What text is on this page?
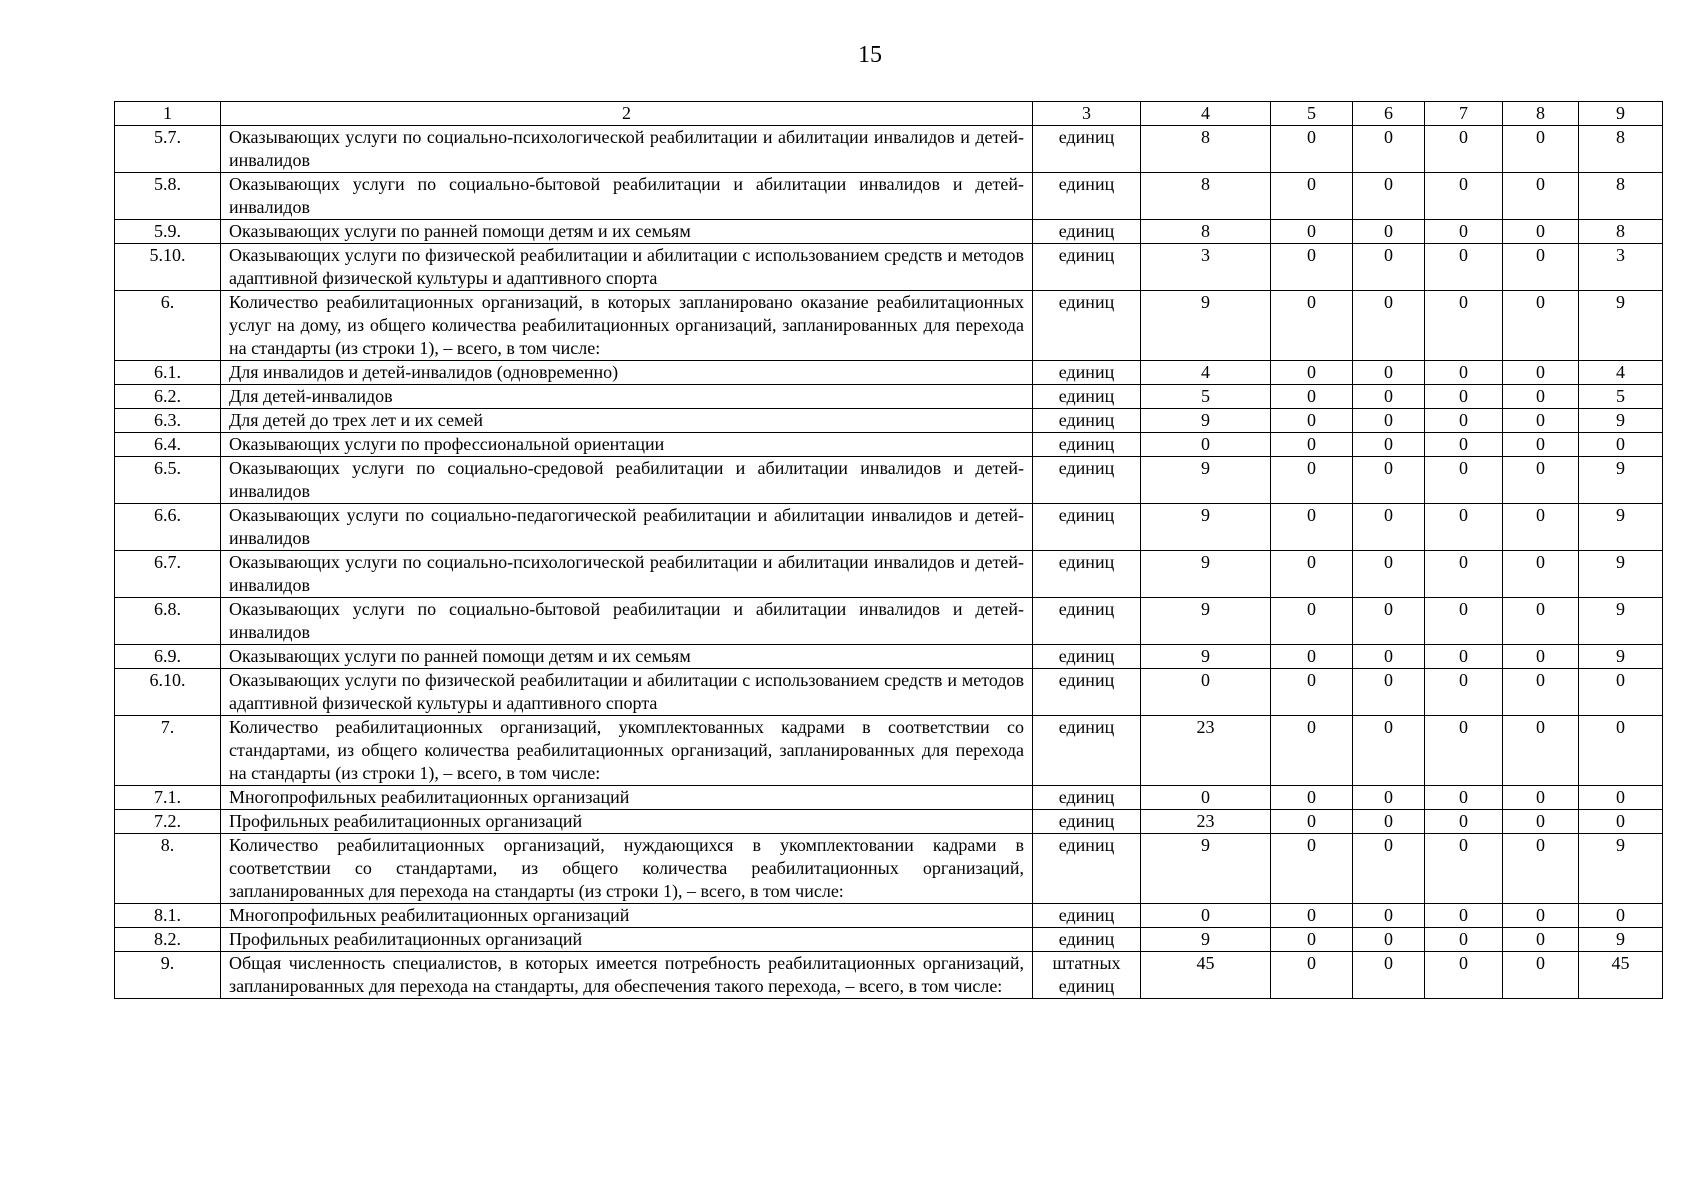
15
1	2	3	4	5	6	7	8	9
5.7.	Оказывающих услуги по социально-психологической реабилитации и абилитации инвалидов и детей-инвалидов	единиц	8	0	0	0	0	8
5.8.	Оказывающих услуги по социально-бытовой реабилитации и абилитации инвалидов и детей-инвалидов	единиц	8	0	0	0	0	8
5.9.	Оказывающих услуги по ранней помощи детям и их семьям	единиц	8	0	0	0	0	8
5.10.	Оказывающих услуги по физической реабилитации и абилитации с использованием средств и методов адаптивной физической культуры и адаптивного спорта	единиц	3	0	0	0	0	3
6.	Количество реабилитационных организаций, в которых запланировано оказание реабилитационных услуг на дому, из общего количества реабилитационных организаций, запланированных для перехода на стандарты (из строки 1), – всего, в том числе:	единиц	9	0	0	0	0	9
6.1.	Для инвалидов и детей-инвалидов (одновременно)	единиц	4	0	0	0	0	4
6.2.	Для детей-инвалидов	единиц	5	0	0	0	0	5
6.3.	Для детей до трех лет и их семей	единиц	9	0	0	0	0	9
6.4.	Оказывающих услуги по профессиональной ориентации	единиц	0	0	0	0	0	0
6.5.	Оказывающих услуги по социально-средовой реабилитации и абилитации инвалидов и детей-инвалидов	единиц	9	0	0	0	0	9
6.6.	Оказывающих услуги по социально-педагогической реабилитации и абилитации инвалидов и детей-инвалидов	единиц	9	0	0	0	0	9
6.7.	Оказывающих услуги по социально-психологической реабилитации и абилитации инвалидов и детей-инвалидов	единиц	9	0	0	0	0	9
6.8.	Оказывающих услуги по социально-бытовой реабилитации и абилитации инвалидов и детей-инвалидов	единиц	9	0	0	0	0	9
6.9.	Оказывающих услуги по ранней помощи детям и их семьям	единиц	9	0	0	0	0	9
6.10.	Оказывающих услуги по физической реабилитации и абилитации с использованием средств и методов адаптивной физической культуры и адаптивного спорта	единиц	0	0	0	0	0	0
7.	Количество реабилитационных организаций, укомплектованных кадрами в соответствии со стандартами, из общего количества реабилитационных организаций, запланированных для перехода на стандарты (из строки 1), – всего, в том числе:	единиц	23	0	0	0	0	0
7.1.	Многопрофильных реабилитационных организаций	единиц	0	0	0	0	0	0
7.2.	Профильных реабилитационных организаций	единиц	23	0	0	0	0	0
8.	Количество реабилитационных организаций, нуждающихся в укомплектовании кадрами в соответствии со стандартами, из общего количества реабилитационных организаций, запланированных для перехода на стандарты (из строки 1), – всего, в том числе:	единиц	9	0	0	0	0	9
8.1.	Многопрофильных реабилитационных организаций	единиц	0	0	0	0	0	0
8.2.	Профильных реабилитационных организаций	единиц	9	0	0	0	0	9
9.	Общая численность специалистов, в которых имеется потребность реабилитационных организаций, запланированных для перехода на стандарты, для обеспечения такого перехода, – всего, в том числе:	штатных единиц	45	0	0	0	0	45
